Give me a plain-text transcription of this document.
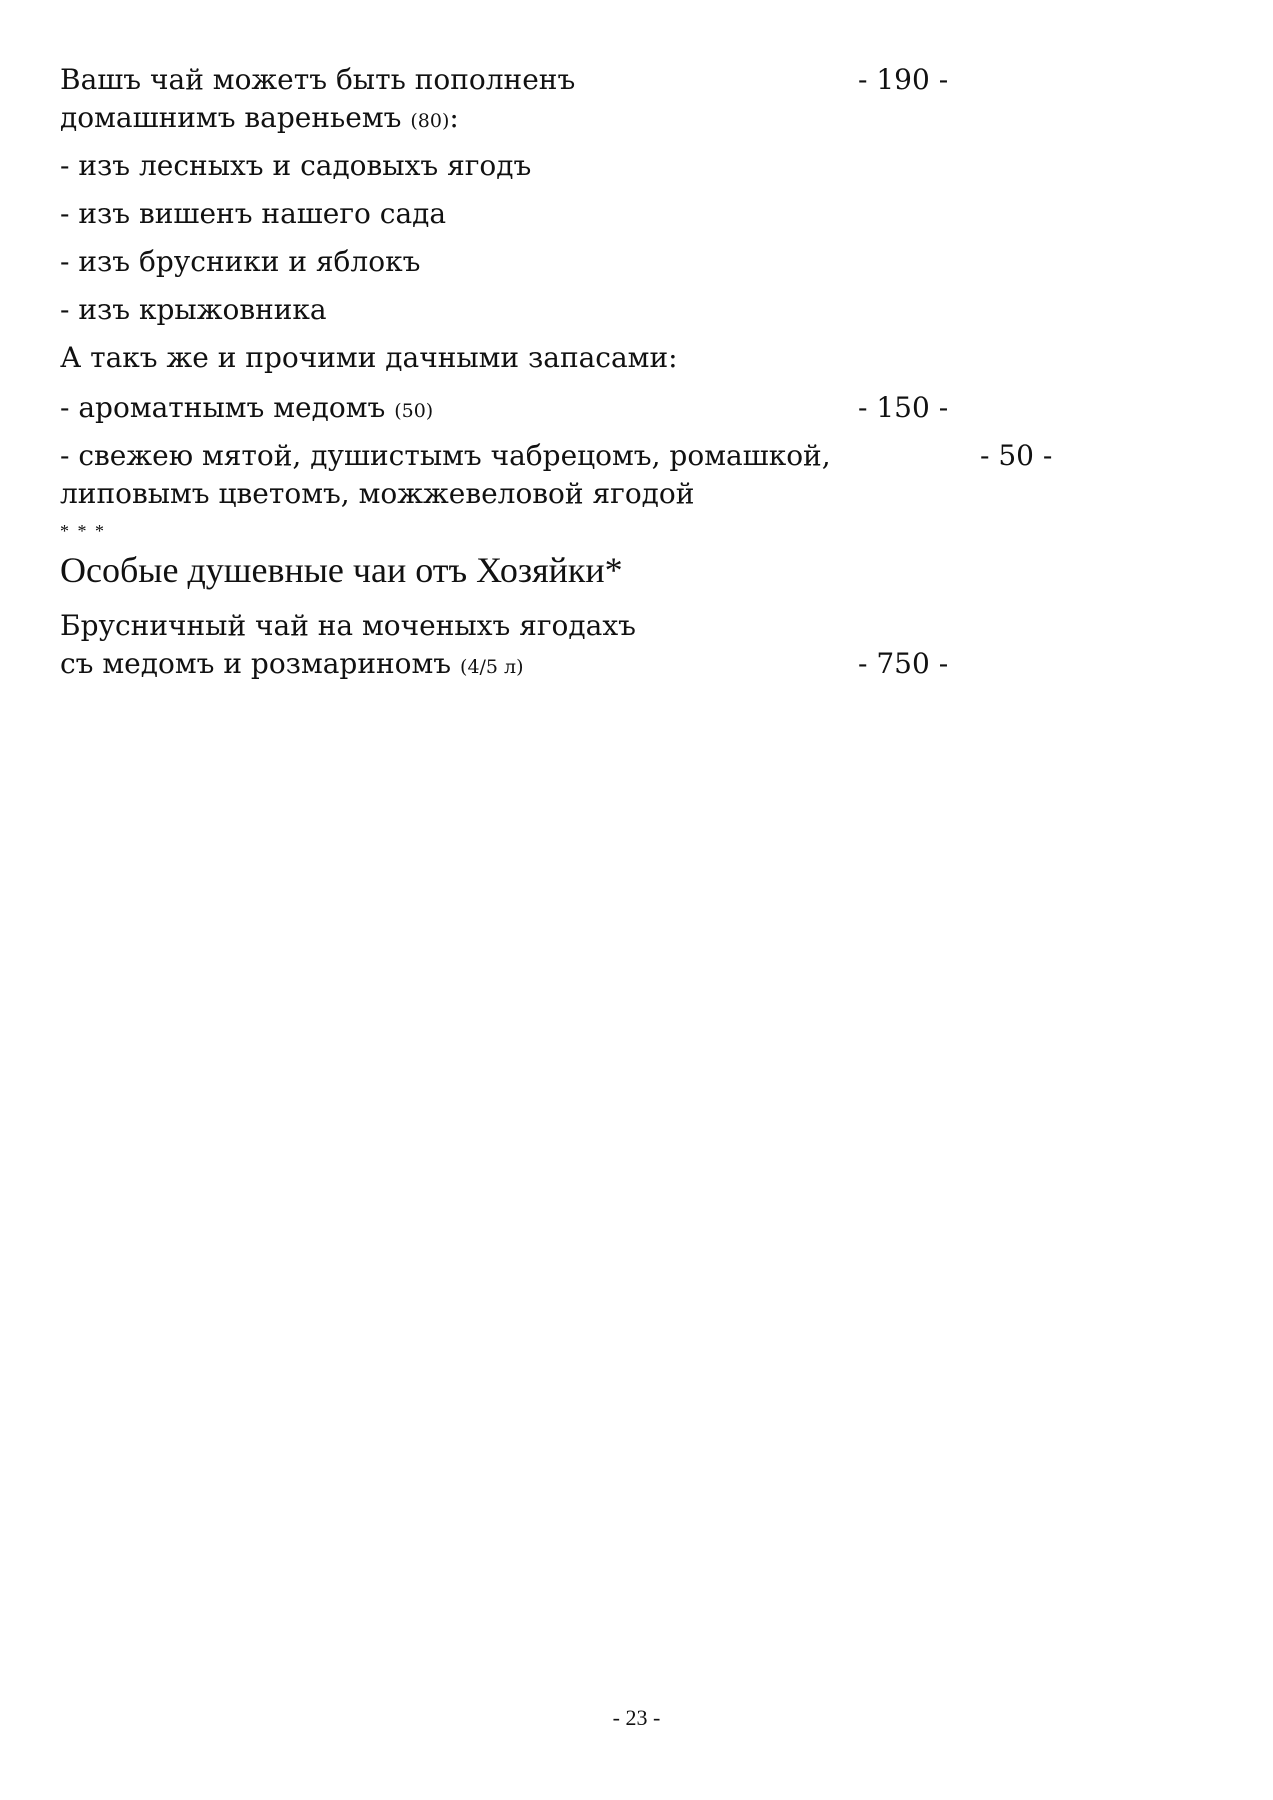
Вашъ чай можетъ быть пополненъ	- 190 -
домашнимъ вареньемъ (80):
- изъ лесныхъ и садовыхъ ягодъ
- изъ вишенъ нашего сада
- изъ брусники и яблокъ
- изъ крыжовника
А такъ же и прочими дачными запасами:
- ароматнымъ медомъ (50)	- 150 -
- свежею мятой, душистымъ чабрецомъ, ромашкой,	- 50 -
липовымъ цветомъ, можжевеловой ягодой
* * *
Особые душевные чаи отъ Хозяйки*
Брусничный чай на моченыхъ ягодахъ
съ медомъ и розмариномъ (4/5 л)	- 750 -
- 23 -
